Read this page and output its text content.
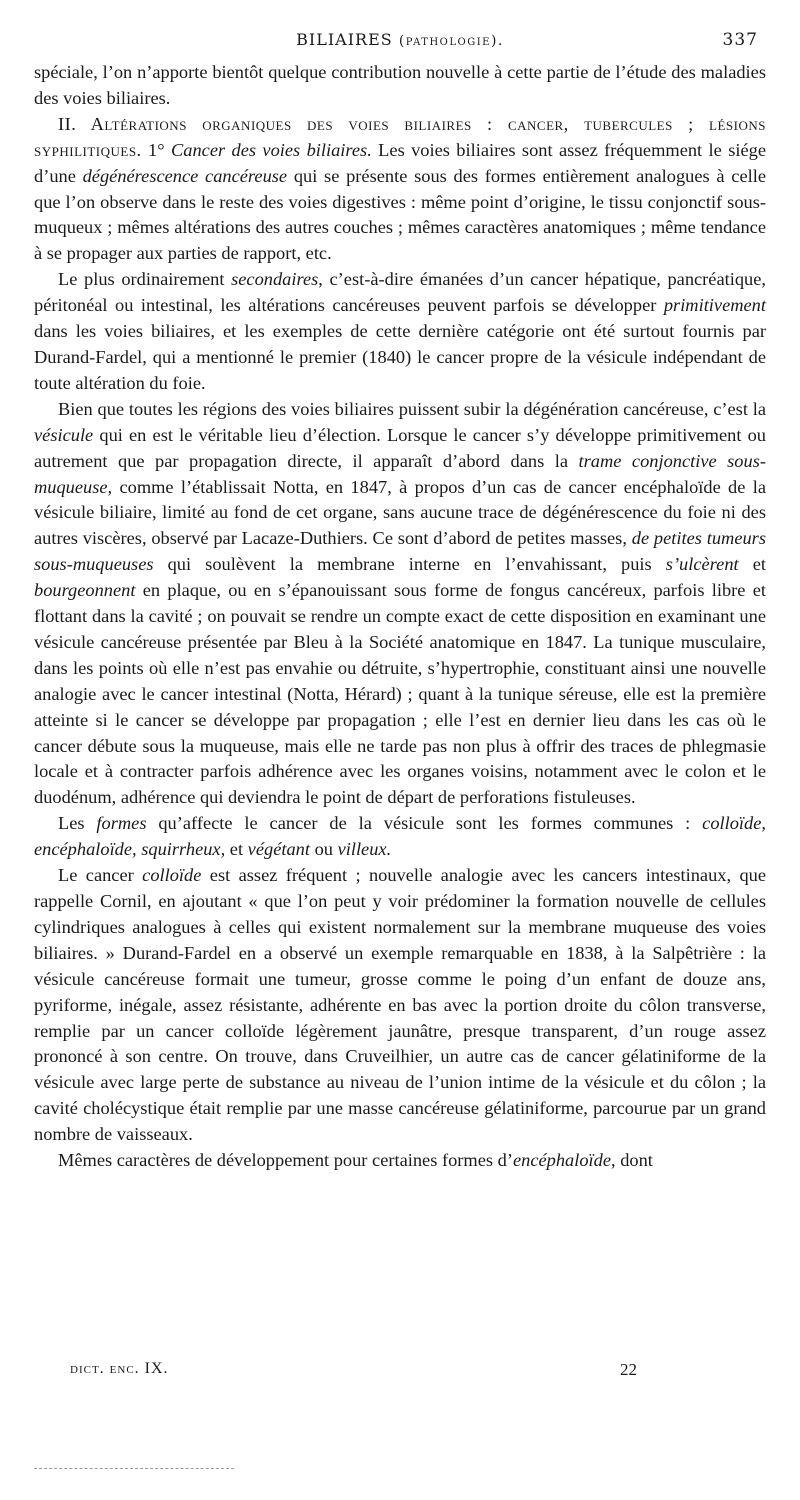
BILIAIRES (pathologie).	337

spéciale, l’on n’apporte bientôt quelque contribution nouvelle à cette partie de l’étude des maladies des voies biliaires.

II. Altérations organiques des voies biliaires : cancer, tubercules ; lésions syphilitiques. 1° Cancer des voies biliaires. Les voies biliaires sont assez fréquemment le siége d’une dégénérescence cancéreuse qui se présente sous des formes entièrement analogues à celle que l’on observe dans le reste des voies digestives : même point d’origine, le tissu conjonctif sous-muqueux ; mêmes altérations des autres couches ; mêmes caractères anatomiques ; même tendance à se propager aux parties de rapport, etc.

Le plus ordinairement secondaires, c’est-à-dire émanées d’un cancer hépatique, pancréatique, péritonéal ou intestinal, les altérations cancéreuses peuvent parfois se développer primitivement dans les voies biliaires, et les exemples de cette dernière catégorie ont été surtout fournis par Durand-Fardel, qui a mentionné le premier (1840) le cancer propre de la vésicule indépendant de toute altération du foie.

Bien que toutes les régions des voies biliaires puissent subir la dégénération cancéreuse, c’est la vésicule qui en est le véritable lieu d’élection. Lorsque le cancer s’y développe primitivement ou autrement que par propagation directe, il apparaît d’abord dans la trame conjonctive sous-muqueuse, comme l’établissait Notta, en 1847, à propos d’un cas de cancer encéphaloïde de la vésicule biliaire, limité au fond de cet organe, sans aucune trace de dégénérescence du foie ni des autres viscères, observé par Lacaze-Duthiers. Ce sont d’abord de petites masses, de petites tumeurs sous-muqueuses qui soulèvent la membrane interne en l’envahissant, puis s’ulcèrent et bourgeonnent en plaque, ou en s’épanouissant sous forme de fongus cancéreux, parfois libre et flottant dans la cavité ; on pouvait se rendre un compte exact de cette disposition en examinant une vésicule cancéreuse présentée par Bleu à la Société anatomique en 1847. La tunique musculaire, dans les points où elle n’est pas envahie ou détruite, s’hypertrophie, constituant ainsi une nouvelle analogie avec le cancer intestinal (Notta, Hérard) ; quant à la tunique séreuse, elle est la première atteinte si le cancer se développe par propagation ; elle l’est en dernier lieu dans les cas où le cancer débute sous la muqueuse, mais elle ne tarde pas non plus à offrir des traces de phlegmasie locale et à contracter parfois adhérence avec les organes voisins, notamment avec le colon et le duodénum, adhérence qui deviendra le point de départ de perforations fistuleuses.

Les formes qu’affecte le cancer de la vésicule sont les formes communes : colloïde, encéphaloïde, squirrheux, et végétant ou villeux.

Le cancer colloïde est assez fréquent ; nouvelle analogie avec les cancers intestinaux, que rappelle Cornil, en ajoutant « que l’on peut y voir prédominer la formation nouvelle de cellules cylindriques analogues à celles qui existent normalement sur la membrane muqueuse des voies biliaires. » Durand-Fardel en a observé un exemple remarquable en 1838, à la Salpêtrière : la vésicule cancéreuse formait une tumeur, grosse comme le poing d’un enfant de douze ans, pyriforme, inégale, assez résistante, adhérente en bas avec la portion droite du côlon transverse, remplie par un cancer colloïde légèrement jaunâtre, presque transparent, d’un rouge assez prononcé à son centre. On trouve, dans Cruveilhier, un autre cas de cancer gélatiniforme de la vésicule avec large perte de substance au niveau de l’union intime de la vésicule et du côlon ; la cavité cholécystique était remplie par une masse cancéreuse gélatiniforme, parcourue par un grand nombre de vaisseaux.

Mêmes caractères de développement pour certaines formes d’encéphaloïde, dont

dict. enc. IX.	22
